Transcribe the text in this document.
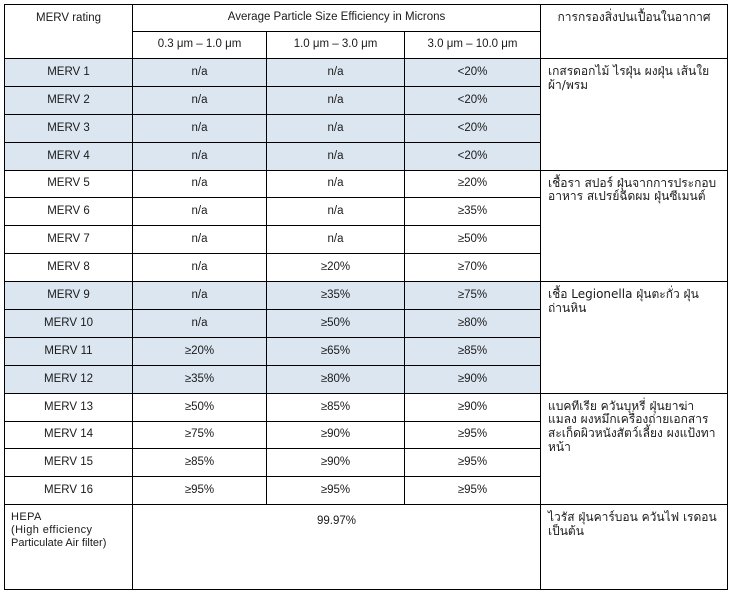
MERV rating	Average Particle Size Efficiency in Microns			การกรองสิ่งปนเปื้อนในอากาศ
	0.3 μm – 1.0 μm	1.0 μm – 3.0 μm	3.0 μm – 10.0 μm	
MERV 1	n/a	n/a	<20%	เกสรดอกไม้ ไรฝุ่น ผงฝุ่น เส้นใยผ้า/พรม
MERV 2	n/a	n/a	<20%	
MERV 3	n/a	n/a	<20%	
MERV 4	n/a	n/a	<20%	
MERV 5	n/a	n/a	≥20%	เชื้อรา สปอร์ ฝุ่นจากการประกอบอาหาร สเปรย์ฉีดผม ฝุ่นซีเมนต์
MERV 6	n/a	n/a	≥35%	
MERV 7	n/a	n/a	≥50%	
MERV 8	n/a	≥20%	≥70%	
MERV 9	n/a	≥35%	≥75%	เชื้อ Legionella ฝุ่นตะกั่ว ฝุ่นถ่านหิน
MERV 10	n/a	≥50%	≥80%	
MERV 11	≥20%	≥65%	≥85%	
MERV 12	≥35%	≥80%	≥90%	
MERV 13	≥50%	≥85%	≥90%	แบคทีเรีย ควันบุหรี่ ฝุ่นยาฆ่าแมลง ผงหมึกเครื่องถ่ายเอกสาร สะเก็ดผิวหนังสัตว์เลี้ยง ผงแป้งทาหน้า
MERV 14	≥75%	≥90%	≥95%	
MERV 15	≥85%	≥90%	≥95%	
MERV 16	≥95%	≥95%	≥95%	

HEPA
(High efficiency
Particulate Air filter)	99.97%			ไวรัส ฝุ่นคาร์บอน ควันไฟ เรดอน เป็นต้น
